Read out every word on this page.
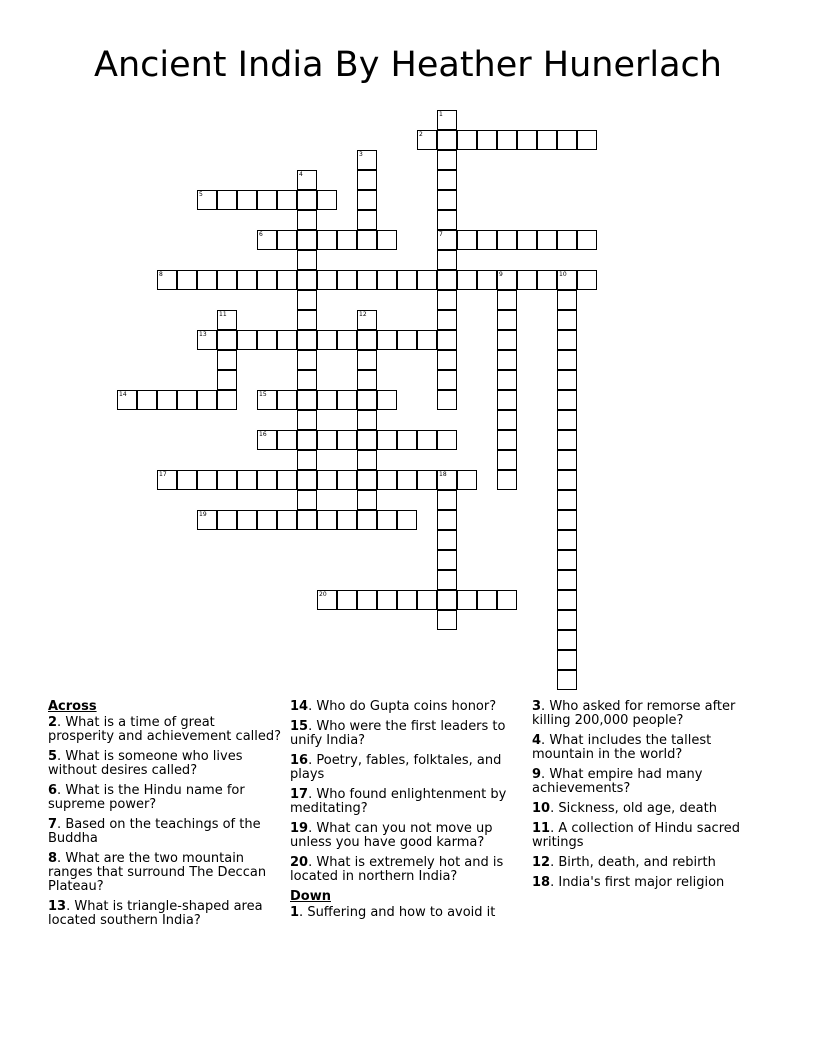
Ancient India By Heather Hunerlach
1
7
2
3
4
5
6
8	9	10
11	12
13
14	15
16
17	18
19
20
Across
2. What is a time of great prosperity and achievement called?
5. What is someone who lives without desires called?
6. What is the Hindu name for supreme power?
7. Based on the teachings of the Buddha
8. What are the two mountain ranges that surround The Deccan Plateau?
13. What is triangle-shaped area located southern India?
14. Who do Gupta coins honor?
15. Who were the first leaders to unify India?
16. Poetry, fables, folktales, and plays
17. Who found enlightenment by meditating?
19. What can you not move up unless you have good karma?
20. What is extremely hot and is located in northern India?
Down
1. Suffering and how to avoid it
3. Who asked for remorse after killing 200,000 people?
4. What includes the tallest mountain in the world?
9. What empire had many achievements?
10. Sickness, old age, death
11. A collection of Hindu sacred writings
12. Birth, death, and rebirth
18. India's first major religion
